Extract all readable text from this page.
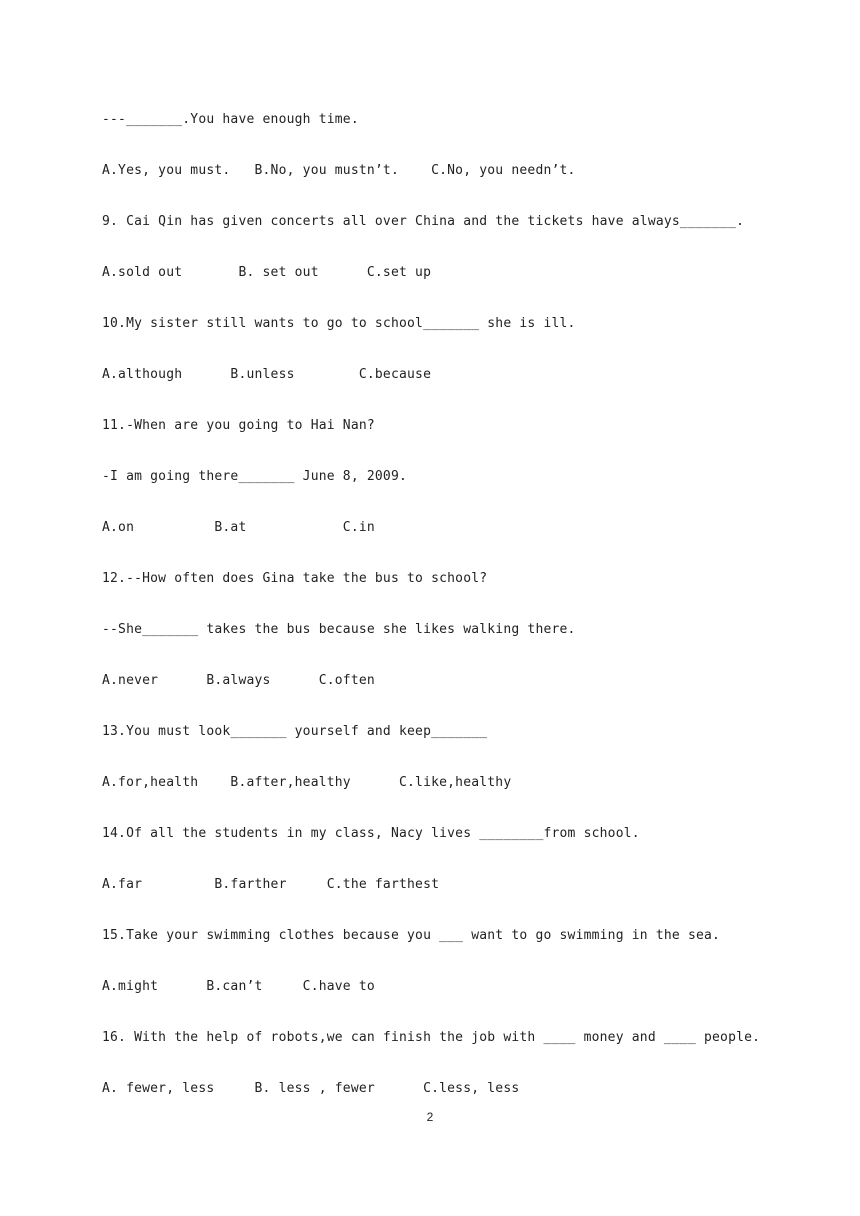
---_______.You have enough time.
A.Yes, you must.   B.No, you mustn’t.    C.No, you needn’t.
9. Cai Qin has given concerts all over China and the tickets have always_______.
A.sold out       B. set out      C.set up
10.My sister still wants to go to school_______ she is ill.
A.although      B.unless        C.because
11.-When are you going to Hai Nan?
-I am going there_______ June 8, 2009.
A.on          B.at            C.in
12.--How often does Gina take the bus to school?
--She_______ takes the bus because she likes walking there.
A.never      B.always      C.often
13.You must look_______ yourself and keep_______
A.for,health    B.after,healthy      C.like,healthy
14.Of all the students in my class, Nacy lives ________from school.
A.far         B.farther     C.the farthest
15.Take your swimming clothes because you ___ want to go swimming in the sea.
A.might      B.can’t     C.have to
16. With the help of robots,we can finish the job with ____ money and ____ people.
A. fewer, less     B. less , fewer      C.less, less
2
